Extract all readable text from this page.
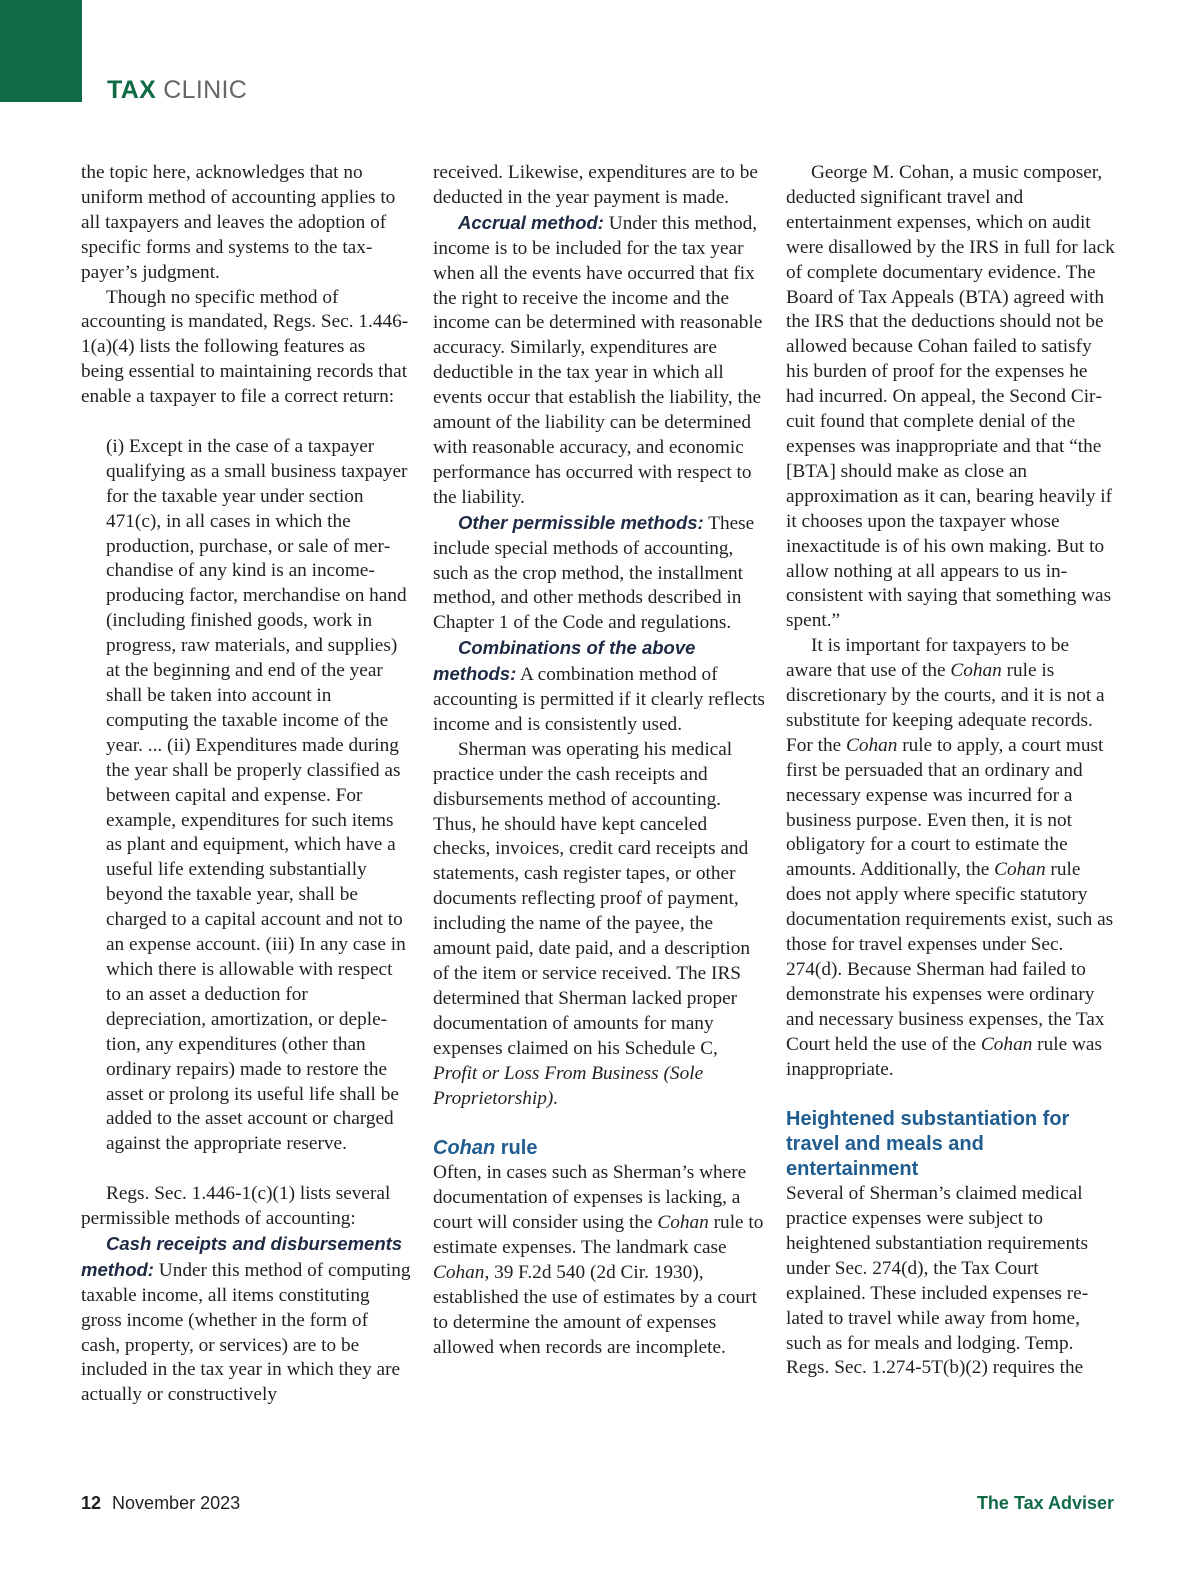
TAX CLINIC

the topic here, acknowledges that no uniform method of accounting applies to all taxpayers and leaves the adoption of specific forms and systems to the taxpayer’s judgment.

Though no specific method of accounting is mandated, Regs. Sec. 1.446-1(a)(4) lists the following features as being essential to maintaining records that enable a taxpayer to file a correct return:

(i) Except in the case of a taxpayer qualifying as a small business taxpayer for the taxable year under section 471(c), in all cases in which the production, purchase, or sale of merchandise of any kind is an income-producing factor, merchandise on hand (including finished goods, work in progress, raw materials, and supplies) at the beginning and end of the year shall be taken into account in computing the taxable income of the year. ... (ii) Expenditures made during the year shall be properly classified as between capital and expense. For example, expenditures for such items as plant and equipment, which have a useful life extending substantially beyond the taxable year, shall be charged to a capital account and not to an expense account. (iii) In any case in which there is allowable with respect to an asset a deduction for depreciation, amortization, or depletion, any expenditures (other than ordinary repairs) made to restore the asset or prolong its useful life shall be added to the asset account or charged against the appropriate reserve.

Regs. Sec. 1.446-1(c)(1) lists several permissible methods of accounting:

Cash receipts and disbursements method: Under this method of computing taxable income, all items constituting gross income (whether in the form of cash, property, or services) are to be included in the tax year in which they are actually or constructively

received. Likewise, expenditures are to be deducted in the year payment is made.

Accrual method: Under this method, income is to be included for the tax year when all the events have occurred that fix the right to receive the income and the income can be determined with reasonable accuracy. Similarly, expenditures are deductible in the tax year in which all events occur that establish the liability, the amount of the liability can be determined with reasonable accuracy, and economic performance has occurred with respect to the liability.

Other permissible methods: These include special methods of accounting, such as the crop method, the installment method, and other methods described in Chapter 1 of the Code and regulations.

Combinations of the above methods: A combination method of accounting is permitted if it clearly reflects income and is consistently used.

Sherman was operating his medical practice under the cash receipts and disbursements method of accounting. Thus, he should have kept canceled checks, invoices, credit card receipts and statements, cash register tapes, or other documents reflecting proof of payment, including the name of the payee, the amount paid, date paid, and a description of the item or service received. The IRS determined that Sherman lacked proper documentation of amounts for many expenses claimed on his Schedule C, Profit or Loss From Business (Sole Proprietorship).

Cohan rule

Often, in cases such as Sherman’s where documentation of expenses is lacking, a court will consider using the Cohan rule to estimate expenses. The landmark case Cohan, 39 F.2d 540 (2d Cir. 1930), established the use of estimates by a court to determine the amount of expenses allowed when records are incomplete.

George M. Cohan, a music composer, deducted significant travel and entertainment expenses, which on audit were disallowed by the IRS in full for lack of complete documentary evidence. The Board of Tax Appeals (BTA) agreed with the IRS that the deductions should not be allowed because Cohan failed to satisfy his burden of proof for the expenses he had incurred. On appeal, the Second Circuit found that complete denial of the expenses was inappropriate and that “the [BTA] should make as close an approximation as it can, bearing heavily if it chooses upon the taxpayer whose inexactitude is of his own making. But to allow nothing at all appears to us inconsistent with saying that something was spent.”

It is important for taxpayers to be aware that use of the Cohan rule is discretionary by the courts, and it is not a substitute for keeping adequate records. For the Cohan rule to apply, a court must first be persuaded that an ordinary and necessary expense was incurred for a business purpose. Even then, it is not obligatory for a court to estimate the amounts. Additionally, the Cohan rule does not apply where specific statutory documentation requirements exist, such as those for travel expenses under Sec. 274(d). Because Sherman had failed to demonstrate his expenses were ordinary and necessary business expenses, the Tax Court held the use of the Cohan rule was inappropriate.

Heightened substantiation for travel and meals and entertainment

Several of Sherman’s claimed medical practice expenses were subject to heightened substantiation requirements under Sec. 274(d), the Tax Court explained. These included expenses related to travel while away from home, such as for meals and lodging. Temp. Regs. Sec. 1.274-5T(b)(2) requires the

12 November 2023	The Tax Adviser
